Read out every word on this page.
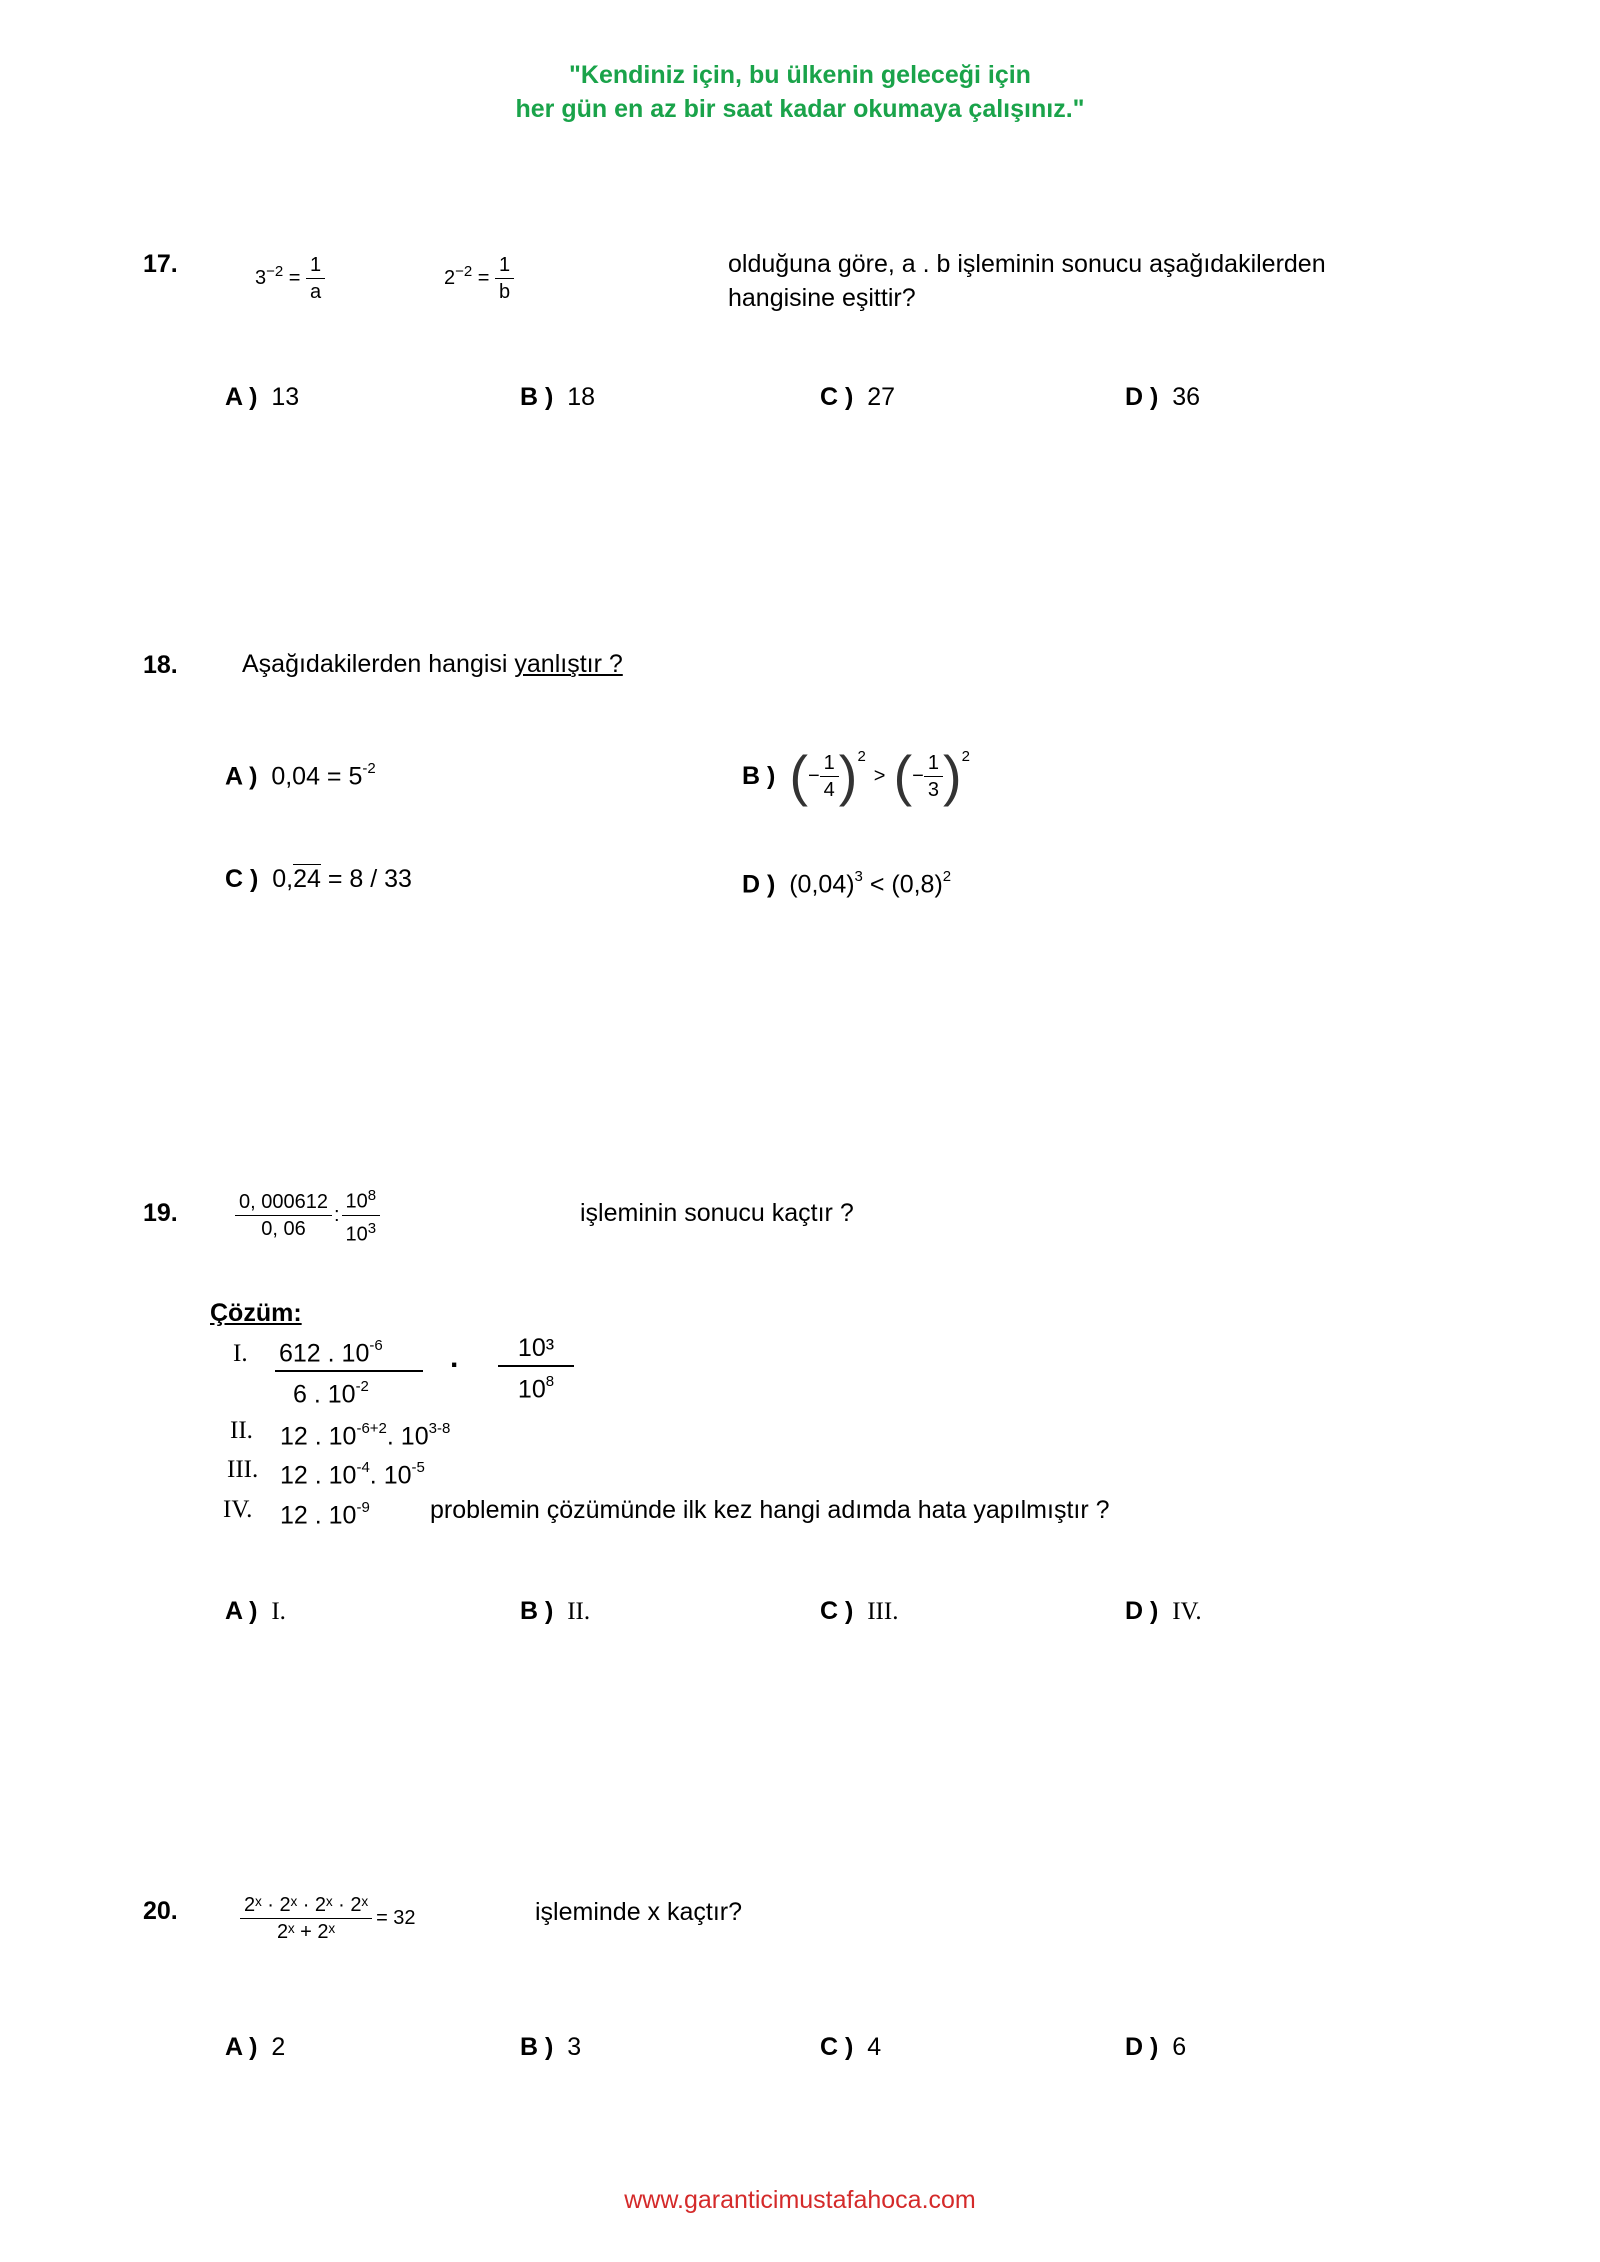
"Kendiniz için, bu ülkenin geleceği için
her gün en az bir saat kadar okumaya çalışınız."
17.	$3^{-2} = \frac{1}{a}$	$2^{-2} = \frac{1}{b}$	olduğuna göre, a . b işleminin sonucu aşağıdakilerden
hangisine eşittir?
A ) 13	B ) 18	C ) 27	D ) 36
18.	Aşağıdakilerden hangisi yanlıştır ?
A ) $0,04 = 5^{-2}$	B ) ( − $\frac{1}{4} )^2$
> ( − $\frac{1}{3} )^2$
C ) 0,24 = 8 / 33	D ) $(0,04)^3 < (0,8)^2$
19.	$\frac{0, 000612}{0, 06}$ : $\frac{10^8}{10^3}$	işleminin sonucu kaçtır ?
Çözüm:
I. 612 . $10^{-6}$
6 . $10^{-2}$
.	10³
$10^8$
II. 12 . $10^{-6+2}$. 10$^{3-8}$
III. 12 . $10^{-4}$. $10^{-5}$
IV. 12 . $10^{-9}$ problemin çözümünde ilk kez hangi adımda hata yapılmıştır ?
A ) I.	B ) II.	C ) III.	D ) IV.
20.	$\frac{\text{2ˣ · 2ˣ · 2ˣ · 2ˣ}}{\text{2ˣ + 2ˣ}} = 32$	işleminde x kaçtır?
A ) 2	B ) 3	C ) 4	D ) 6
www.garanticimustafahoca.com
